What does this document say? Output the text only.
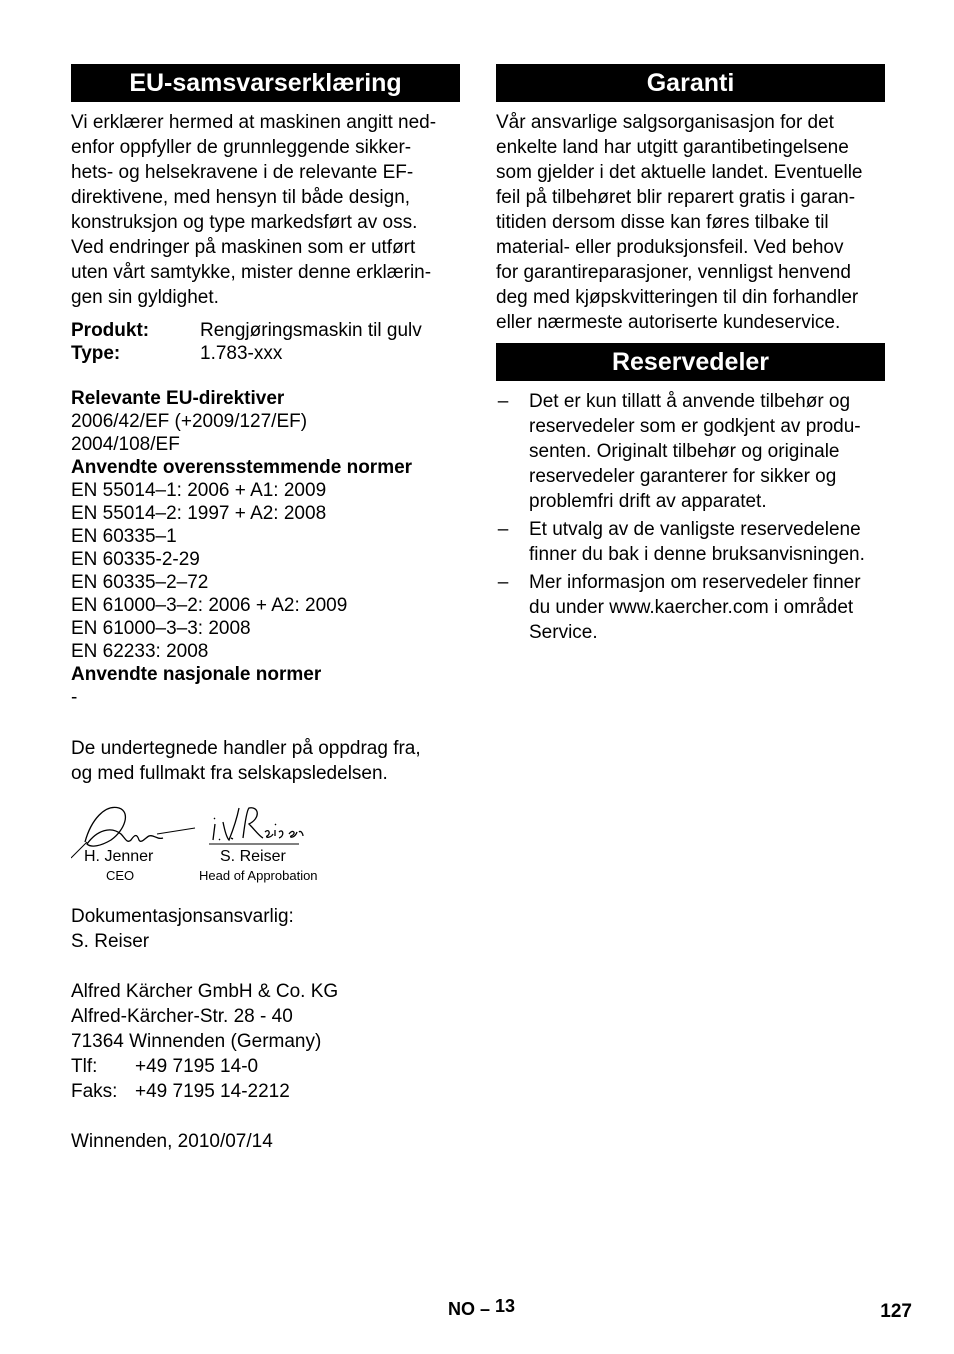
EU-samsvarserklæring

Vi erklærer hermed at maskinen angitt ned-
enfor oppfyller de grunnleggende sikker-
hets- og helsekravene i de relevante EF-
direktivene, med hensyn til både design,
konstruksjon og type markedsført av oss.
Ved endringer på maskinen som er utført
uten vårt samtykke, mister denne erklærin-
gen sin gyldighet.

Produkt:	Rengjøringsmaskin til gulv
Type:	1.783-xxx
Relevante EU-direktiver
2006/42/EF (+2009/127/EF)
2004/108/EF
Anvendte overensstemmende normer
EN 55014–1: 2006 + A1: 2009
EN 55014–2: 1997 + A2: 2008
EN 60335–1
EN 60335-2-29
EN 60335–2–72
EN 61000–3–2: 2006 + A2: 2009
EN 61000–3–3: 2008
EN 62233: 2008
Anvendte nasjonale normer
-

De undertegnede handler på oppdrag fra,
og med fullmakt fra selskapsledelsen.

H. Jenner
CEO
S. Reiser
Head of Approbation

Dokumentasjonsansvarlig:
S. Reiser

Alfred Kärcher GmbH & Co. KG
Alfred-Kärcher-Str. 28 - 40
71364 Winnenden (Germany)
Tlf:	+49 7195 14-0
Faks: +49 7195 14-2212

Winnenden, 2010/07/14

Garanti

Vår ansvarlige salgsorganisasjon for det
enkelte land har utgitt garantibetingelsene
som gjelder i det aktuelle landet. Eventuelle
feil på tilbehøret blir reparert gratis i garan-
titiden dersom disse kan føres tilbake til
material- eller produksjonsfeil. Ved behov
for garantireparasjoner, vennligst henvend
deg med kjøpskvitteringen til din forhandler
eller nærmeste autoriserte kundeservice.

Reservedeler
– Det er kun tillatt å anvende tilbehør og
reservedeler som er godkjent av produ-
senten. Originalt tilbehør og originale
reservedeler garanterer for sikker og
problemfri drift av apparatet.
– Et utvalg av de vanligste reservedelene
finner du bak i denne bruksanvisningen.
– Mer informasjon om reservedeler finner
du under www.kaercher.com i området
Service.
NO – 13	127
